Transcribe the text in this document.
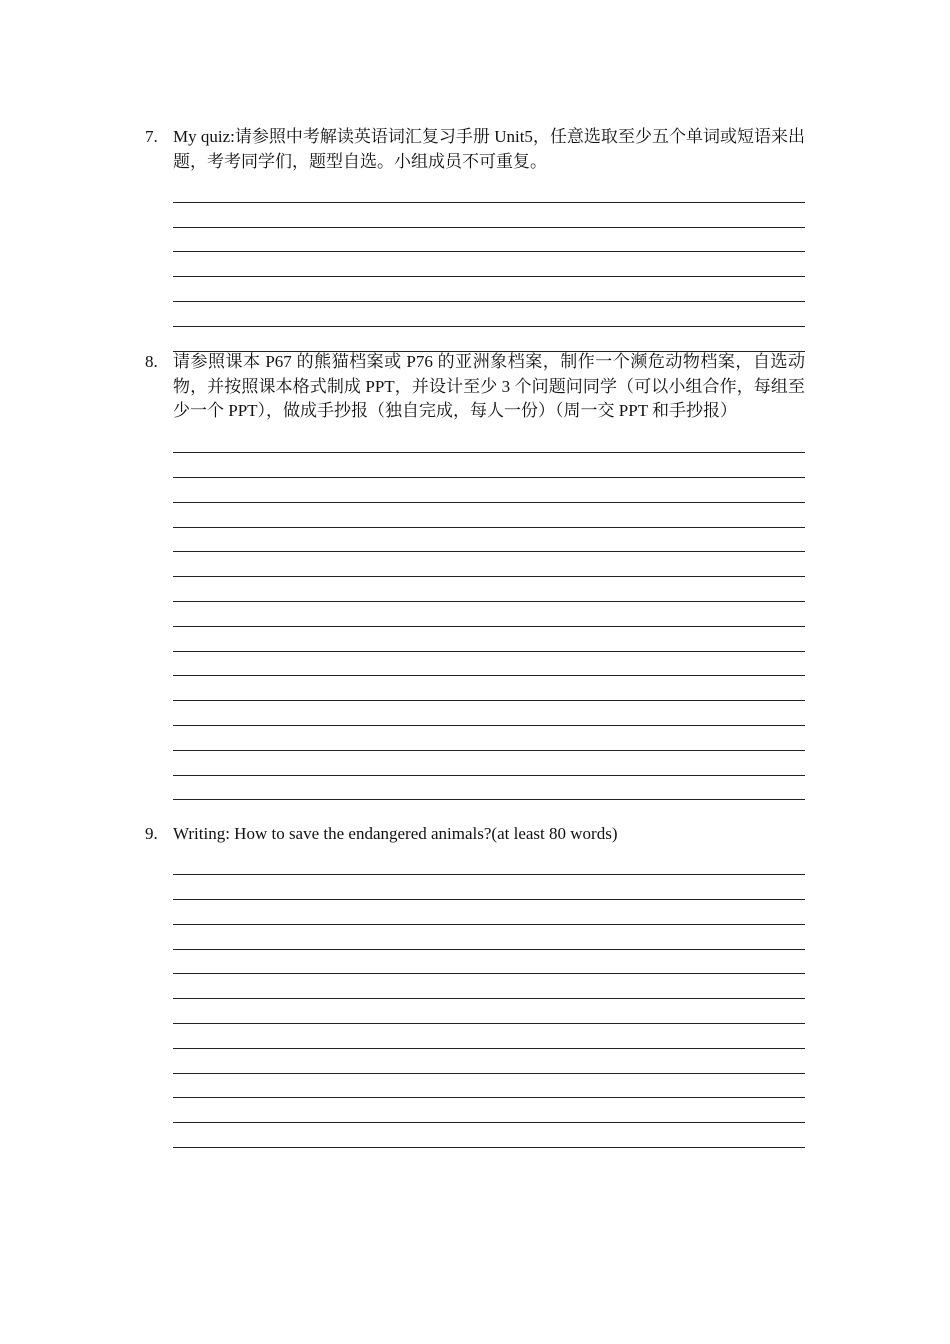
7. My quiz:请参照中考解读英语词汇复习手册 Unit5，任意选取至少五个单词或短语来出题，考考同学们，题型自选。小组成员不可重复。
8. 请参照课本 P67 的熊猫档案或 P76 的亚洲象档案，制作一个濒危动物档案，自选动物，并按照课本格式制成 PPT，并设计至少 3 个问题问同学（可以小组合作，每组至少一个 PPT），做成手抄报（独自完成，每人一份）（周一交 PPT 和手抄报）
9. Writing: How to save the endangered animals?(at least 80 words)
